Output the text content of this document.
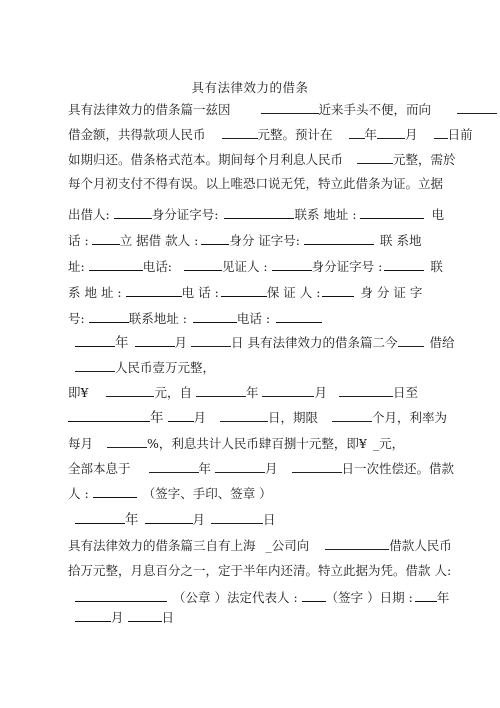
具有法律效力的借条
具有法律效力的借条篇一兹因	近来手头不便，而向
借金额，共得款项人民币	元整。预计在	年 月 日前
如期归还。借条格式范本。期间每个月利息人民币	元整，需於
每个月初支付不得有误。以上唯恐口说无凭，特立此借条为证。立据
出借人:	身分证字号:	联系 地址 :	电
话 : 立 据借 款人 : 身分 证字号:	联 系地
址:	电话:	见证人 :	身分证字号 :	联
系 地 址 :	电 话 :	保 证 人 :	身 分 证 字
号:	联系地址 :	电话 :
年	月	日 具有法律效力的借条篇二今	借给
人民币壹万元整，
即¥	元，自	年	月	日至
年 月	日，期限	个月，利率为
每月	%，利息共计人民币肆百捌十元整，即¥ _元，
全部本息于	年	月	日一次性偿还。借款
人 :	（签字、手印、签章 ）
年	月	日
具有法律效力的借条篇三自有上海 _公司向	借款人民币
拾万元整，月息百分之一，定于半年内还清。特立此据为凭。借款 人:
（公章 ）法定代表人 : （签字 ）日期 : 年
月	日
